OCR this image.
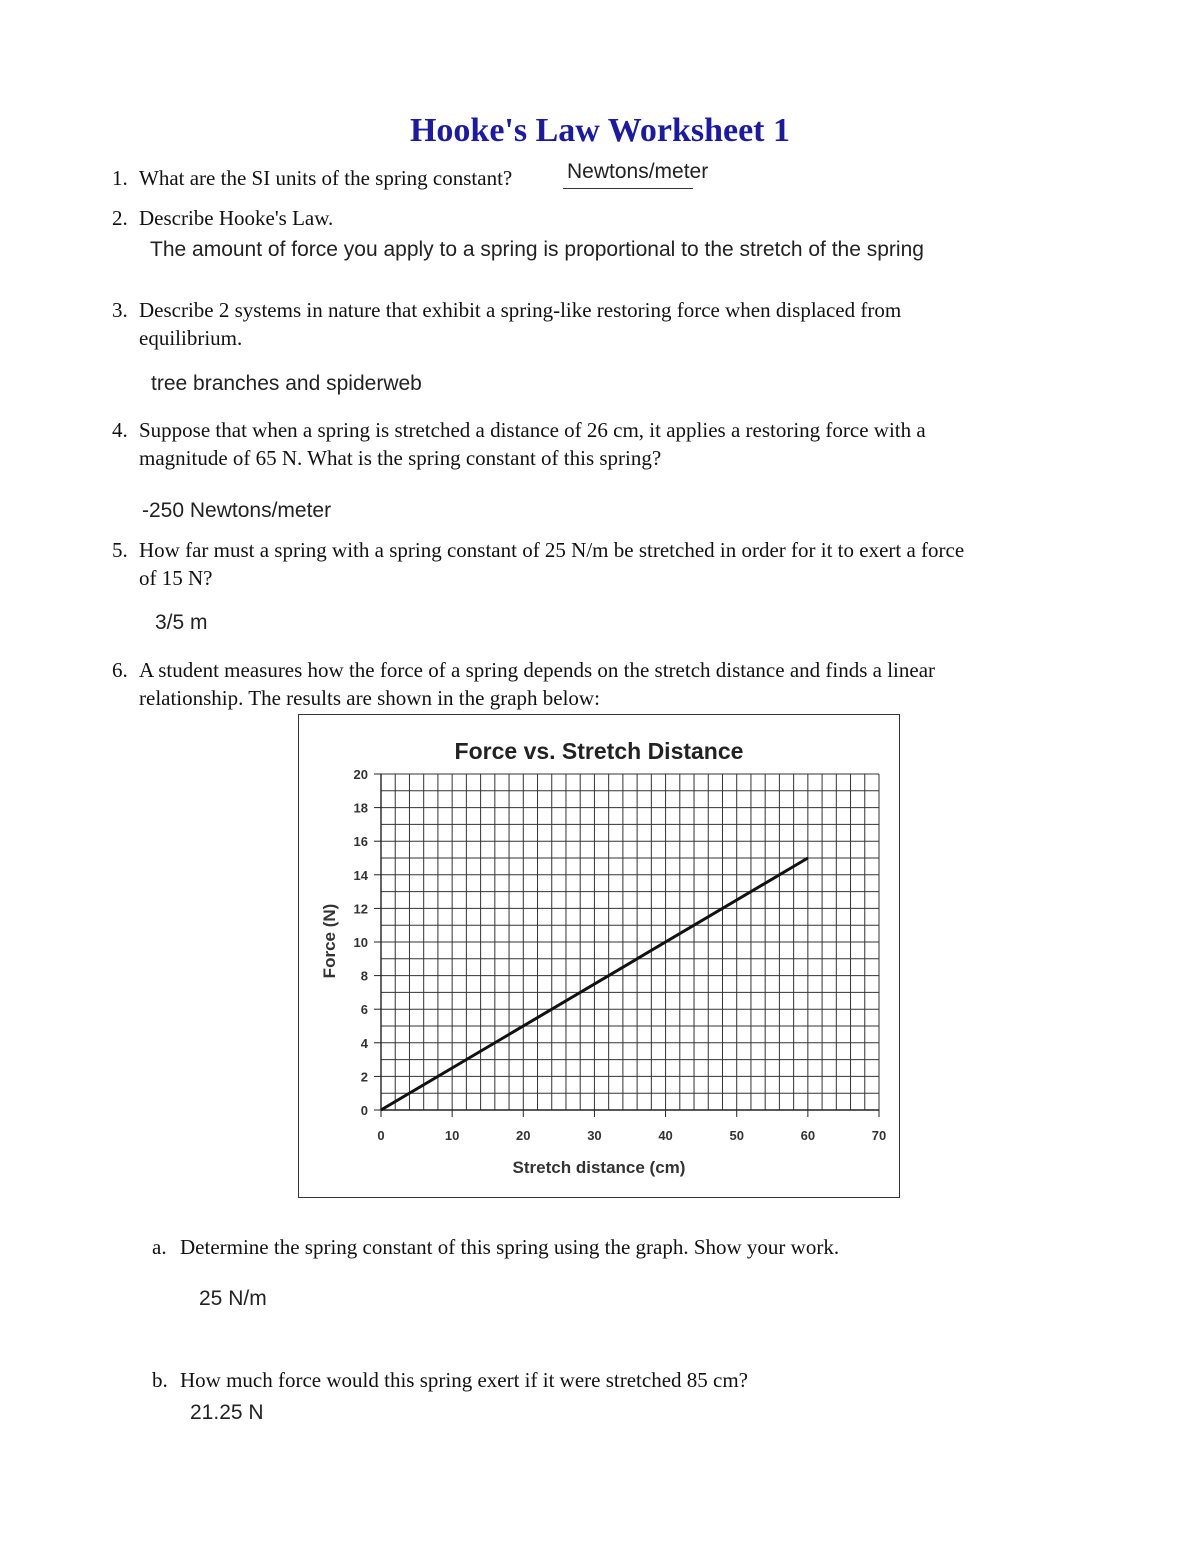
Hooke's Law Worksheet 1
1. What are the SI units of the spring constant?	Newtons/meter
2. Describe Hooke's Law.
The amount of force you apply to a spring is proportional to the stretch of the spring
3. Describe 2 systems in nature that exhibit a spring-like restoring force when displaced from
equilibrium.
tree branches and spiderweb
4. Suppose that when a spring is stretched a distance of 26 cm, it applies a restoring force with a
magnitude of 65 N. What is the spring constant of this spring?
-250 Newtons/meter
5. How far must a spring with a spring constant of 25 N/m be stretched in order for it to exert a force
of 15 N?
3/5 m
6. A student measures how the force of a spring depends on the stretch distance and finds a linear
relationship. The results are shown in the graph below:
Force vs. Stretch Distance
0
2
4
6
8
10
12
14
16
18
20
0	10	20	30	40	50	60	70
Stretch distance (cm)
Force (N)
a. Determine the spring constant of this spring using the graph. Show your work.
25 N/m
b. How much force would this spring exert if it were stretched 85 cm?
21.25 N
